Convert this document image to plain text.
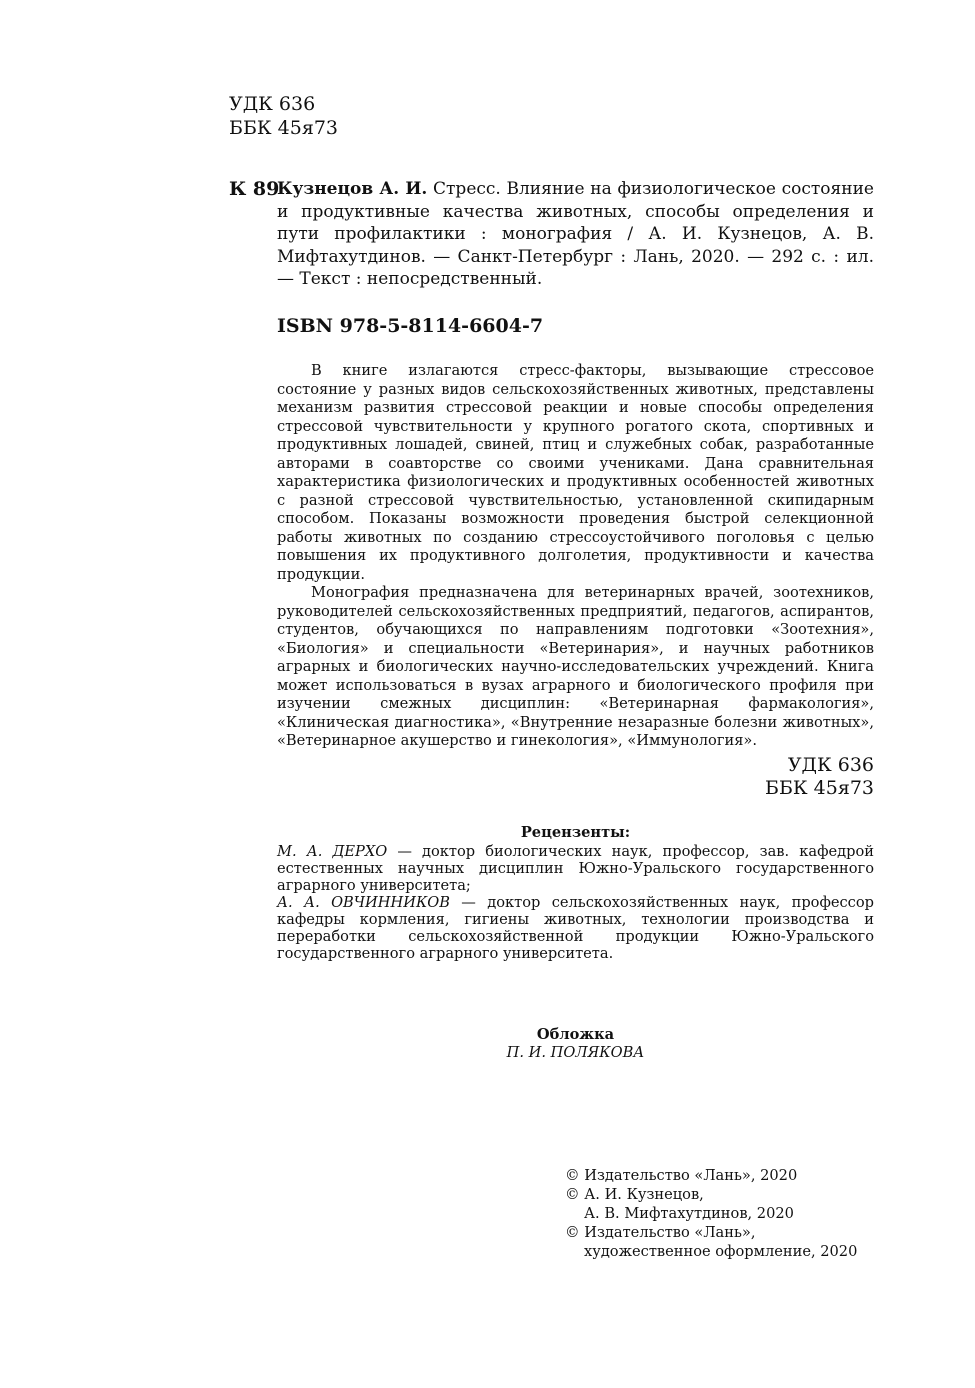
УДК 636
ББК 45я73
К 89
Кузнецов А. И. Стресс. Влияние на физиологическое состояние и продуктивные качества животных, способы определения и пути профилактики : монография / А. И. Кузнецов, А. В. Мифтахутдинов. — Санкт-Петербург : Лань, 2020. — 292 с. : ил. — Текст : непосредственный.
ISBN 978-5-8114-6604-7

В книге излагаются стресс-факторы, вызывающие стрессовое состояние у разных видов сельскохозяйственных животных, представлены механизм развития стрессовой реакции и новые способы определения стрессовой чувствительности у крупного рогатого скота, спортивных и продуктивных лошадей, свиней, птиц и служебных собак, разработанные авторами в соавторстве со своими учениками. Дана сравнительная характеристика физиологических и продуктивных особенностей животных с разной стрессовой чувствительностью, установленной скипидарным способом. Показаны возможности проведения быстрой селекционной работы животных по созданию стрессоустойчивого поголовья с целью повышения их продуктивного долголетия, продуктивности и качества продукции.

Монография предназначена для ветеринарных врачей, зоотехников, руководителей сельскохозяйственных предприятий, педагогов, аспирантов, студентов, обучающихся по направлениям подготовки «Зоотехния», «Биология» и специальности «Ветеринария», и научных работников аграрных и биологических научно-исследовательских учреждений. Книга может использоваться в вузах аграрного и биологического профиля при изучении смежных дисциплин: «Ветеринарная фармакология», «Клиническая диагностика», «Внутренние незаразные болезни животных», «Ветеринарное акушерство и гинекология», «Иммунология».

УДК 636
ББК 45я73
Рецензенты:

М. А. ДЕРХО — доктор биологических наук, профессор, зав. кафедрой естественных научных дисциплин Южно-Уральского государственного аграрного университета;

А. А. ОВЧИННИКОВ — доктор сельскохозяйственных наук, профессор кафедры кормления, гигиены животных, технологии производства и переработки сельскохозяйственной продукции Южно-Уральского государственного аграрного университета.

Обложка
П. И. ПОЛЯКОВА
© Издательство «Лань», 2020
© А. И. Кузнецов,
А. В. Мифтахутдинов, 2020
© Издательство «Лань»,
художественное оформление, 2020
